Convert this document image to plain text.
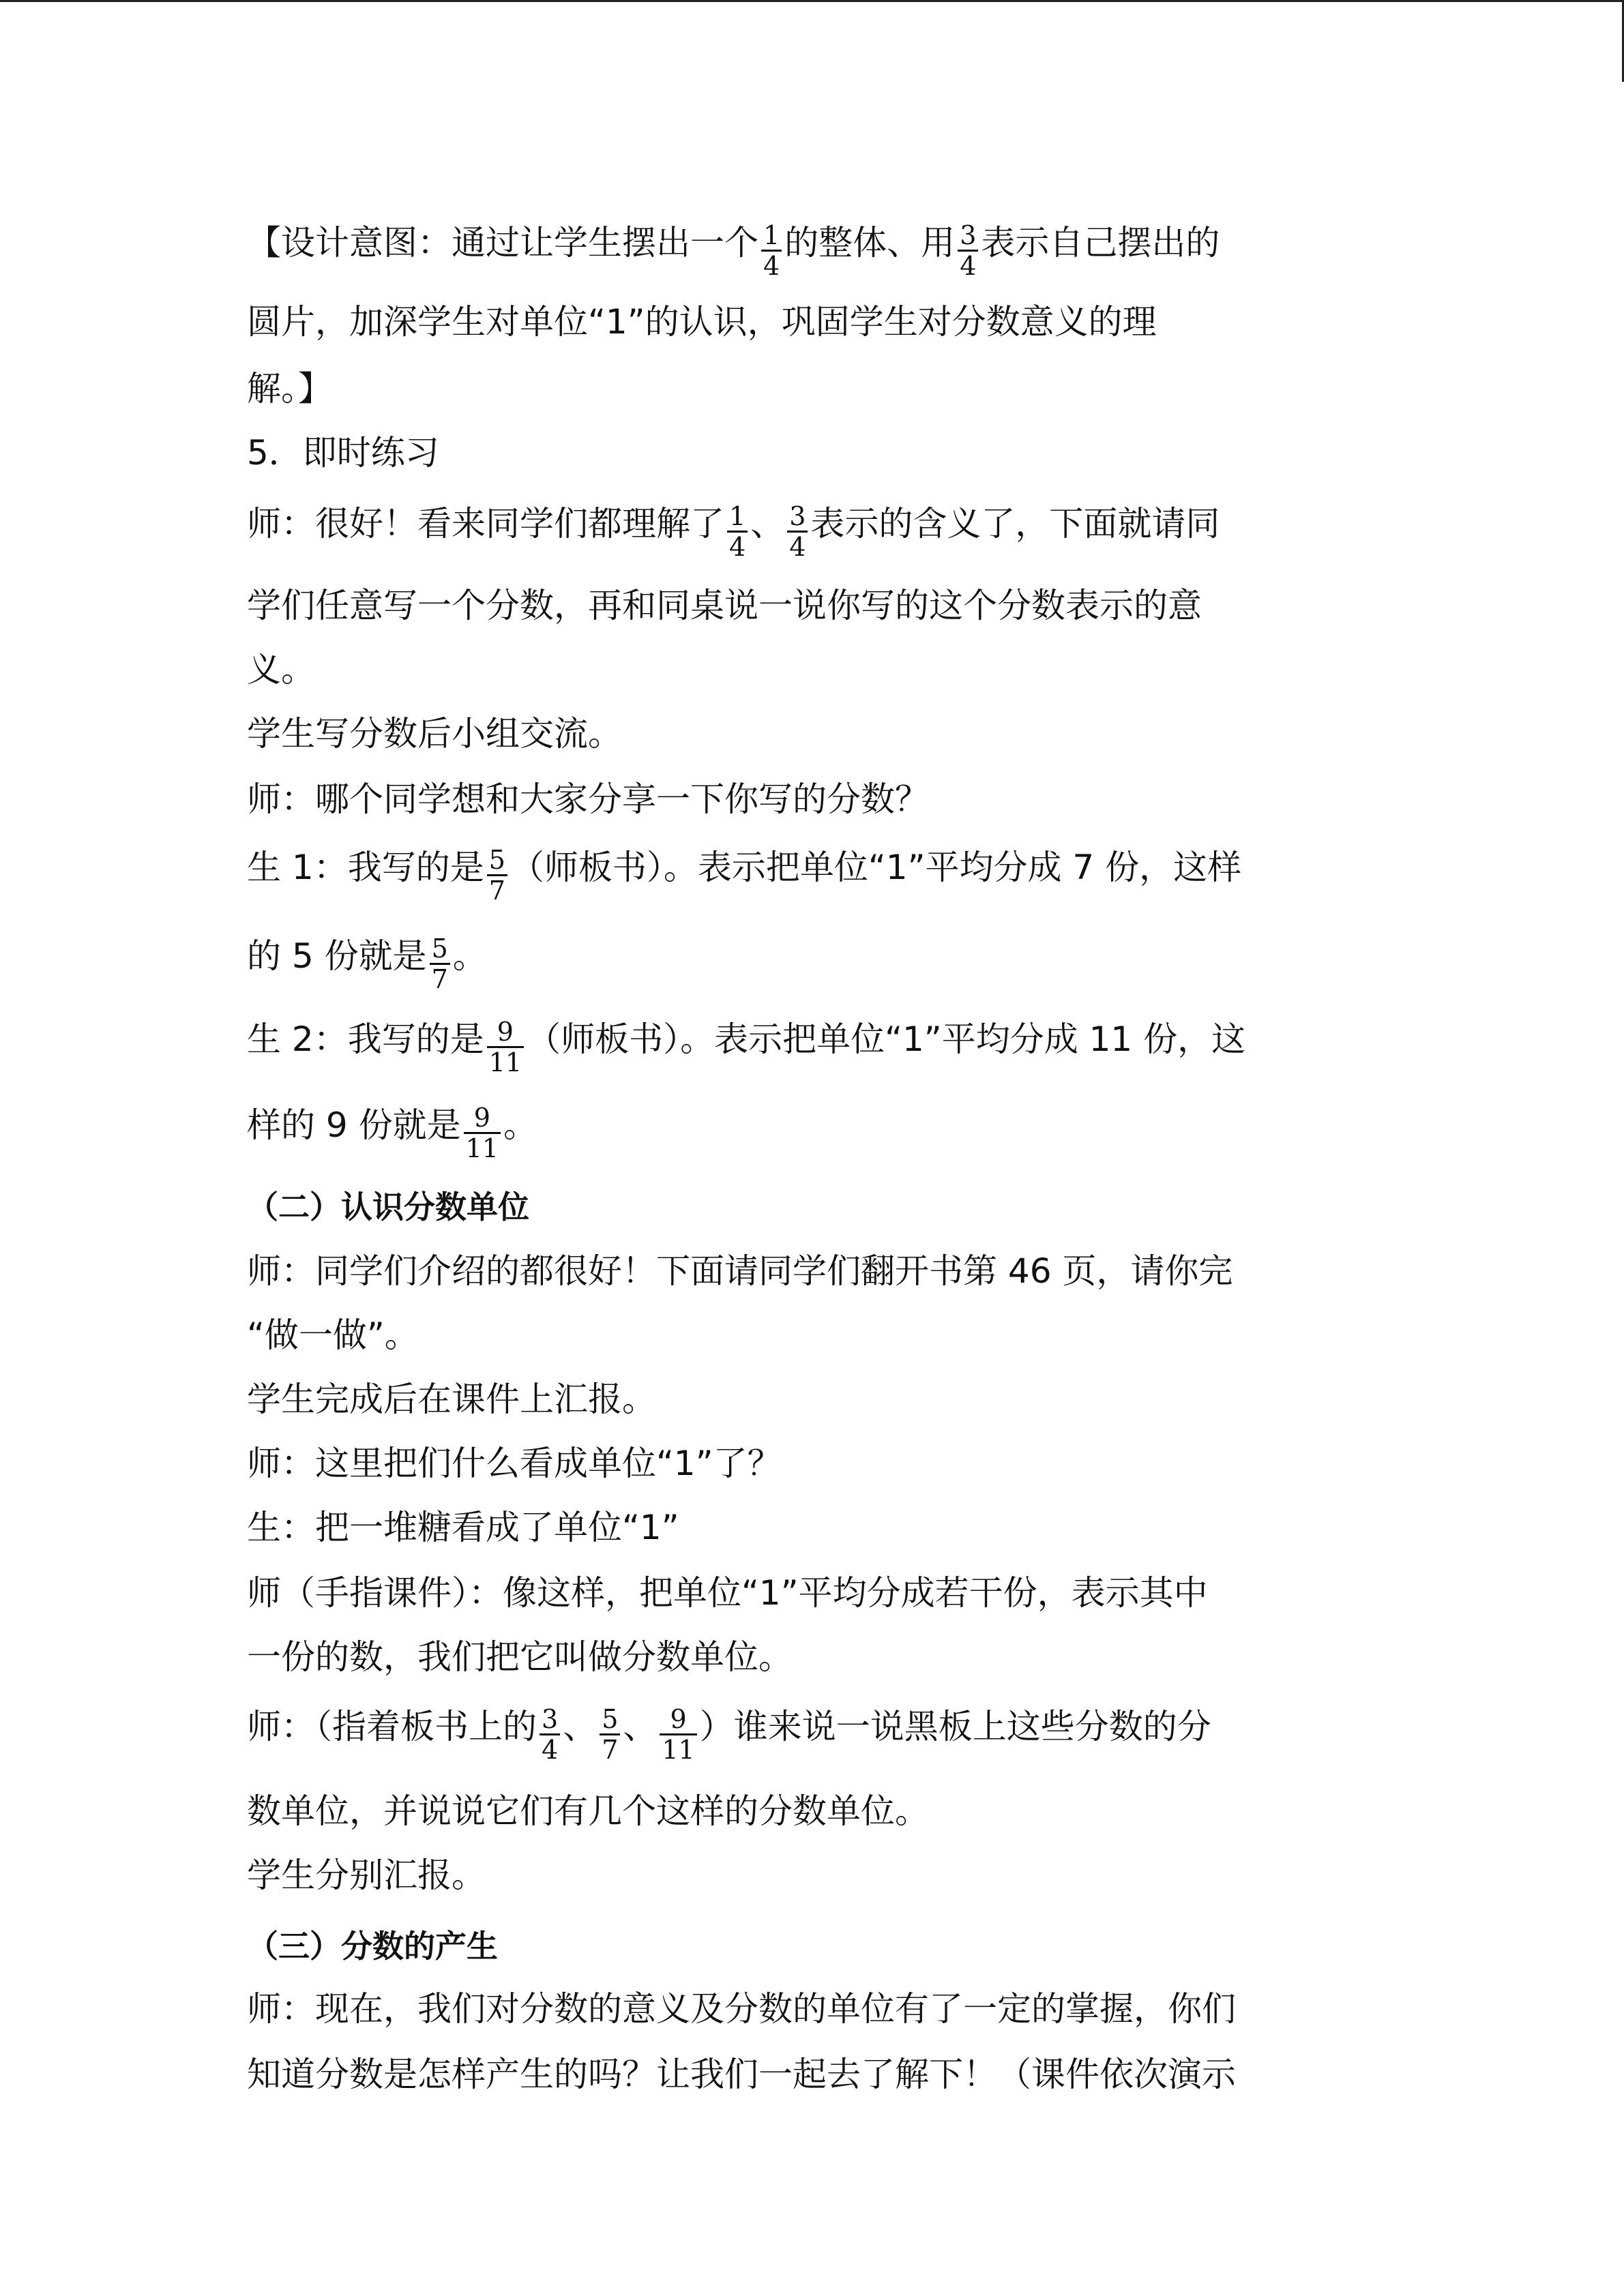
【设计意图：通过让学生摆出一个 $\frac{1}{4}$ 的整体、用 $\frac{3}{4}$ 表示自己摆出的
圆片，加深学生对单位“1”的认识，巩固学生对分数意义的理
解。】
5．即时练习
师：很好！看来同学们都理解了 $\frac{1}{4}$ 、 $\frac{3}{4}$ 表示的含义了，下面就请同
学们任意写一个分数，再和同桌说一说你写的这个分数表示的意
义。
学生写分数后小组交流。
师：哪个同学想和大家分享一下你写的分数？
生 1：我写的是 $\frac{5}{7}$ （师板书）。表示把单位“1”平均分成 7 份，这样
的 5 份就是 $\frac{5}{7}$ 。
生 2：我写的是 $\frac{9}{11}$ （师板书）。表示把单位“1”平均分成 11 份，这
样的 9 份就是 $\frac{9}{11}$ 。
（二）认识分数单位
师：同学们介绍的都很好！下面请同学们翻开书第 46 页，请你完
“做一做”。
学生完成后在课件上汇报。
师：这里把们什么看成单位“1”了？
生：把一堆糖看成了单位“1”
师（手指课件）：像这样，把单位“1”平均分成若干份，表示其中
一份的数，我们把它叫做分数单位。
师：（指着板书上的 $\frac{3}{4}$ 、 $\frac{5}{7}$ 、 $\frac{9}{11}$ ）谁来说一说黑板上这些分数的分
数单位，并说说它们有几个这样的分数单位。
学生分别汇报。
（三）分数的产生
师：现在，我们对分数的意义及分数的单位有了一定的掌握，你们
知道分数是怎样产生的吗？让我们一起去了解下！（课件依次演示
